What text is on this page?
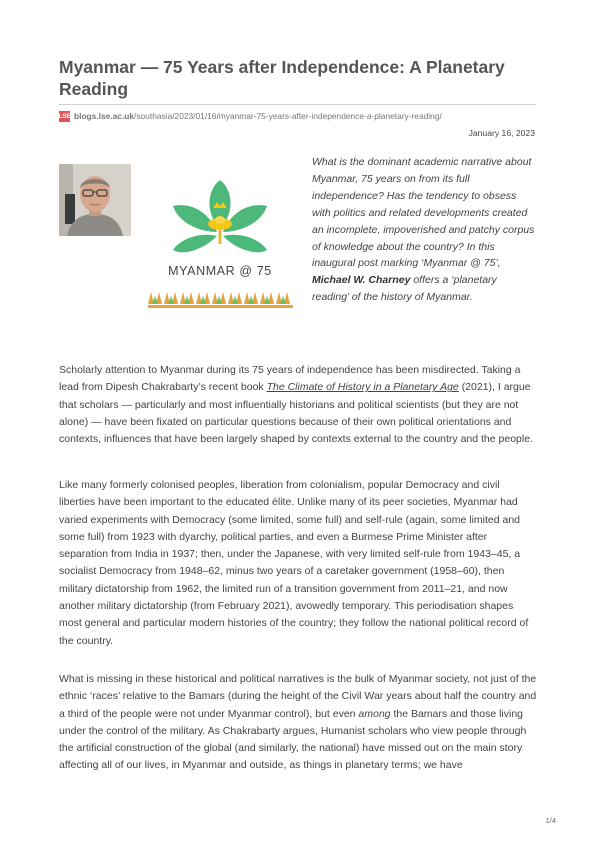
Myanmar — 75 Years after Independence: A Planetary Reading
LSE blogs.lse.ac.uk /southasia/2023/01/16/myanmar-75-years-after-independence-a-planetary-reading/
January 16, 2023
MYANMAR @ 75

What is the dominant academic narrative about Myanmar, 75 years on from its full independence? Has the tendency to obsess with politics and related developments created an incomplete, impoverished and patchy corpus of knowledge about the country? In this inaugural post marking ‘Myanmar @ 75’, Michael W. Charney offers a ‘planetary reading’ of the history of Myanmar.

Scholarly attention to Myanmar during its 75 years of independence has been misdirected. Taking a lead from Dipesh Chakrabarty’s recent book The Climate of History in a Planetary Age (2021), I argue that scholars — particularly and most influentially historians and political scientists (but they are not alone) — have been fixated on particular questions because of their own political orientations and contexts, influences that have been largely shaped by contexts external to the country and the people.

Like many formerly colonised peoples, liberation from colonialism, popular Democracy and civil liberties have been important to the educated élite. Unlike many of its peer societies, Myanmar had varied experiments with Democracy (some limited, some full) and self-rule (again, some limited and some full) from 1923 with dyarchy, political parties, and even a Burmese Prime Minister after separation from India in 1937; then, under the Japanese, with very limited self-rule from 1943–45, a socialist Democracy from 1948–62, minus two years of a caretaker government (1958–60), then military dictatorship from 1962, the limited run of a transition government from 2011–21, and now another military dictatorship (from February 2021), avowedly temporary. This periodisation shapes most general and particular modern histories of the country; they follow the national political record of the country.

What is missing in these historical and political narratives is the bulk of Myanmar society, not just of the ethnic ‘races’ relative to the Bamars (during the height of the Civil War years about half the country and a third of the people were not under Myanmar control), but even among the Bamars and those living under the control of the military. As Chakrabarty argues, Humanist scholars who view people through the artificial construction of the global (and similarly, the national) have missed out on the main story affecting all of our lives, in Myanmar and outside, as things in planetary terms; we have

1/4
